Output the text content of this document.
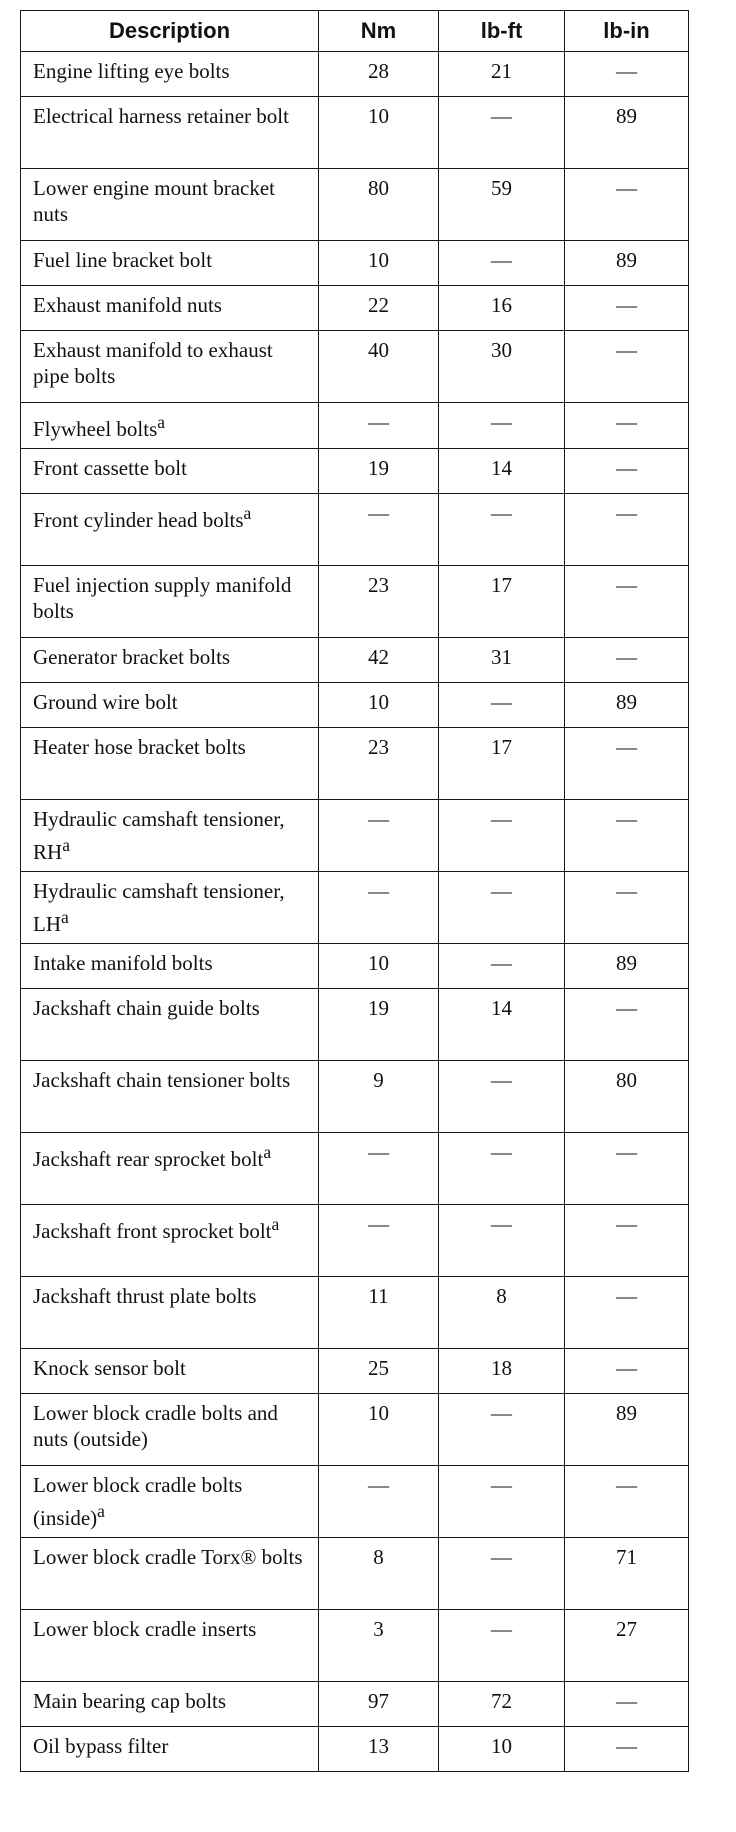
Description	Nm	lb-ft	lb-in
Engine lifting eye bolts	28	21	—
Electrical harness retainer bolt	10	—	89
Lower engine mount bracket nuts	80	59	—
Fuel line bracket bolt	10	—	89
Exhaust manifold nuts	22	16	—
Exhaust manifold to exhaust pipe bolts	40	30	—
Flywheel bolts$^a$	—	—	—
Front cassette bolt	19	14	—
Front cylinder head bolts$^a$	—	—	—
Fuel injection supply manifold bolts	23	17	—
Generator bracket bolts	42	31	—
Ground wire bolt	10	—	89
Heater hose bracket bolts	23	17	—
Hydraulic camshaft tensioner, $RH^a$	—	—	—
Hydraulic camshaft tensioner, $LH^a$	—	—	—
Intake manifold bolts	10	—	89
Jackshaft chain guide bolts	19	14	—
Jackshaft chain tensioner bolts	9	—	80
Jackshaft rear sprocket bolt$^a$	—	—	—
Jackshaft front sprocket bolt$^a$	—	—	—
Jackshaft thrust plate bolts	11	8	—
Knock sensor bolt	25	18	—
Lower block cradle bolts and nuts (outside)	10	—	89
Lower block cradle bolts (inside)$^a$	—	—	—
Lower block cradle Torx® bolts	8	—	71
Lower block cradle inserts	3	—	27
Main bearing cap bolts	97	72	—
Oil bypass filter	13	10	—
